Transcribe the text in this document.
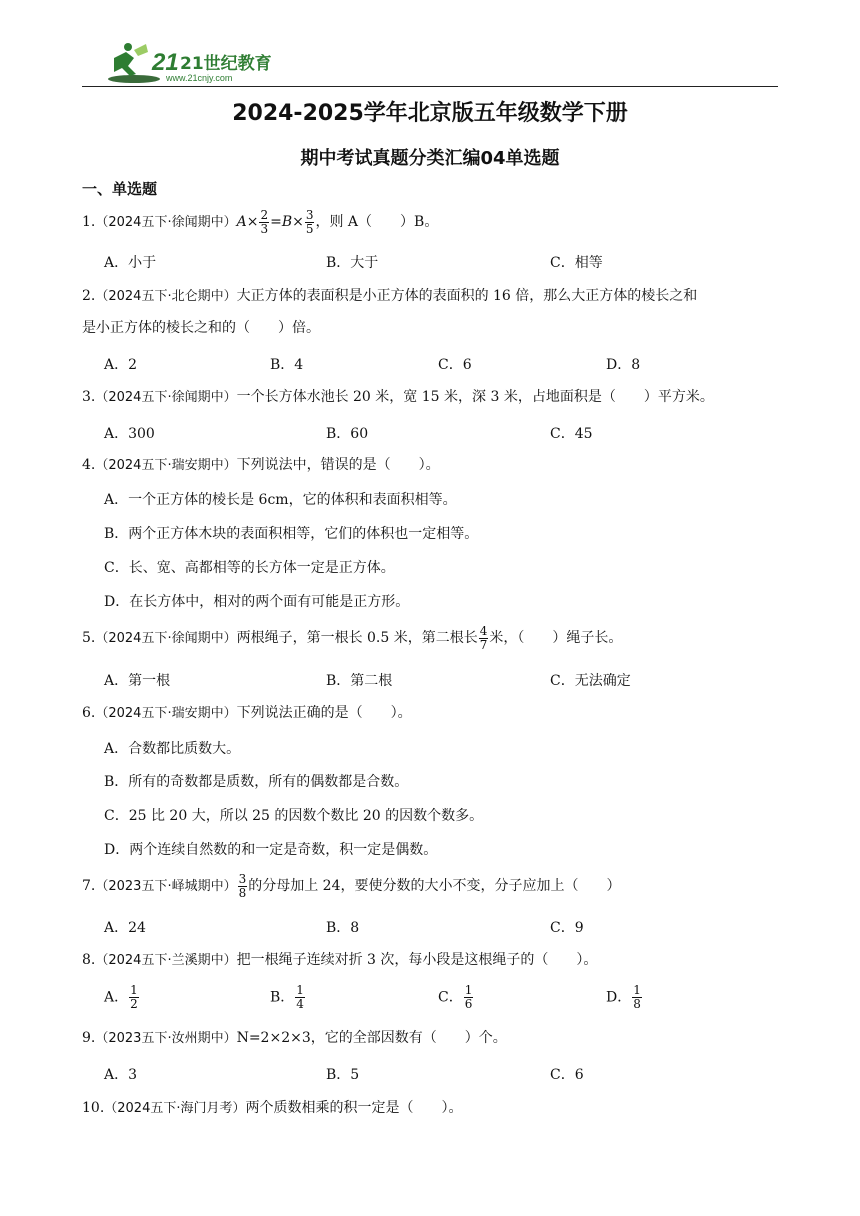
21 21世纪教育
www.21cnjy.com
2024-2025学年北京版五年级数学下册
期中考试真题分类汇编04单选题
一、单选题
1.（2024五下·徐闻期中）$A\times \frac{2}{3} =B\times \frac{3}{5}$ ，则 A（　　）B。
A．小于	B．大于	C．相等
2.（2024五下·北仑期中）大正方体的表面积是小正方体的表面积的 16 倍，那么大正方体的棱长之和
是小正方体的棱长之和的（　　）倍。
A．2	B．4	C．6	D．8
3.（2024五下·徐闻期中）一个长方体水池长 20 米，宽 15 米，深 3 米，占地面积是（　　）平方米。
A．300	B．60	C．45
4.（2024五下·瑞安期中）下列说法中，错误的是（　　）。
A．一个正方体的棱长是 6cm，它的体积和表面积相等。
B．两个正方体木块的表面积相等，它们的体积也一定相等。
C．长、宽、高都相等的长方体一定是正方体。
D．在长方体中，相对的两个面有可能是正方形。
5.（2024五下·徐闻期中）两根绳子，第一根长 0.5 米，第二根长 $\frac{4}{7}$ 米，（　　）绳子长。
A．第一根	B．第二根	C．无法确定
6.（2024五下·瑞安期中）下列说法正确的是（　　）。
A．合数都比质数大。
B．所有的奇数都是质数，所有的偶数都是合数。
C．25 比 20 大，所以 25 的因数个数比 20 的因数个数多。
D．两个连续自然数的和一定是奇数，积一定是偶数。
7.（2023五下·峄城期中） $\frac{3}{8}$ 的分母加上 24，要使分数的大小不变，分子应加上（　　）
A．24	B．8	C．9
8.（2024五下·兰溪期中）把一根绳子连续对折 3 次，每小段是这根绳子的（　　）。
A． $\frac{1}{2}$	B． $\frac{1}{4}$	C． $\frac{1}{6}$	D． $\frac{1}{8}$
9.（2023五下·汝州期中）N=2×2×3，它的全部因数有（　　）个。
A．3	B．5	C．6
10.（2024五下·海门月考）两个质数相乘的积一定是（　　）。
